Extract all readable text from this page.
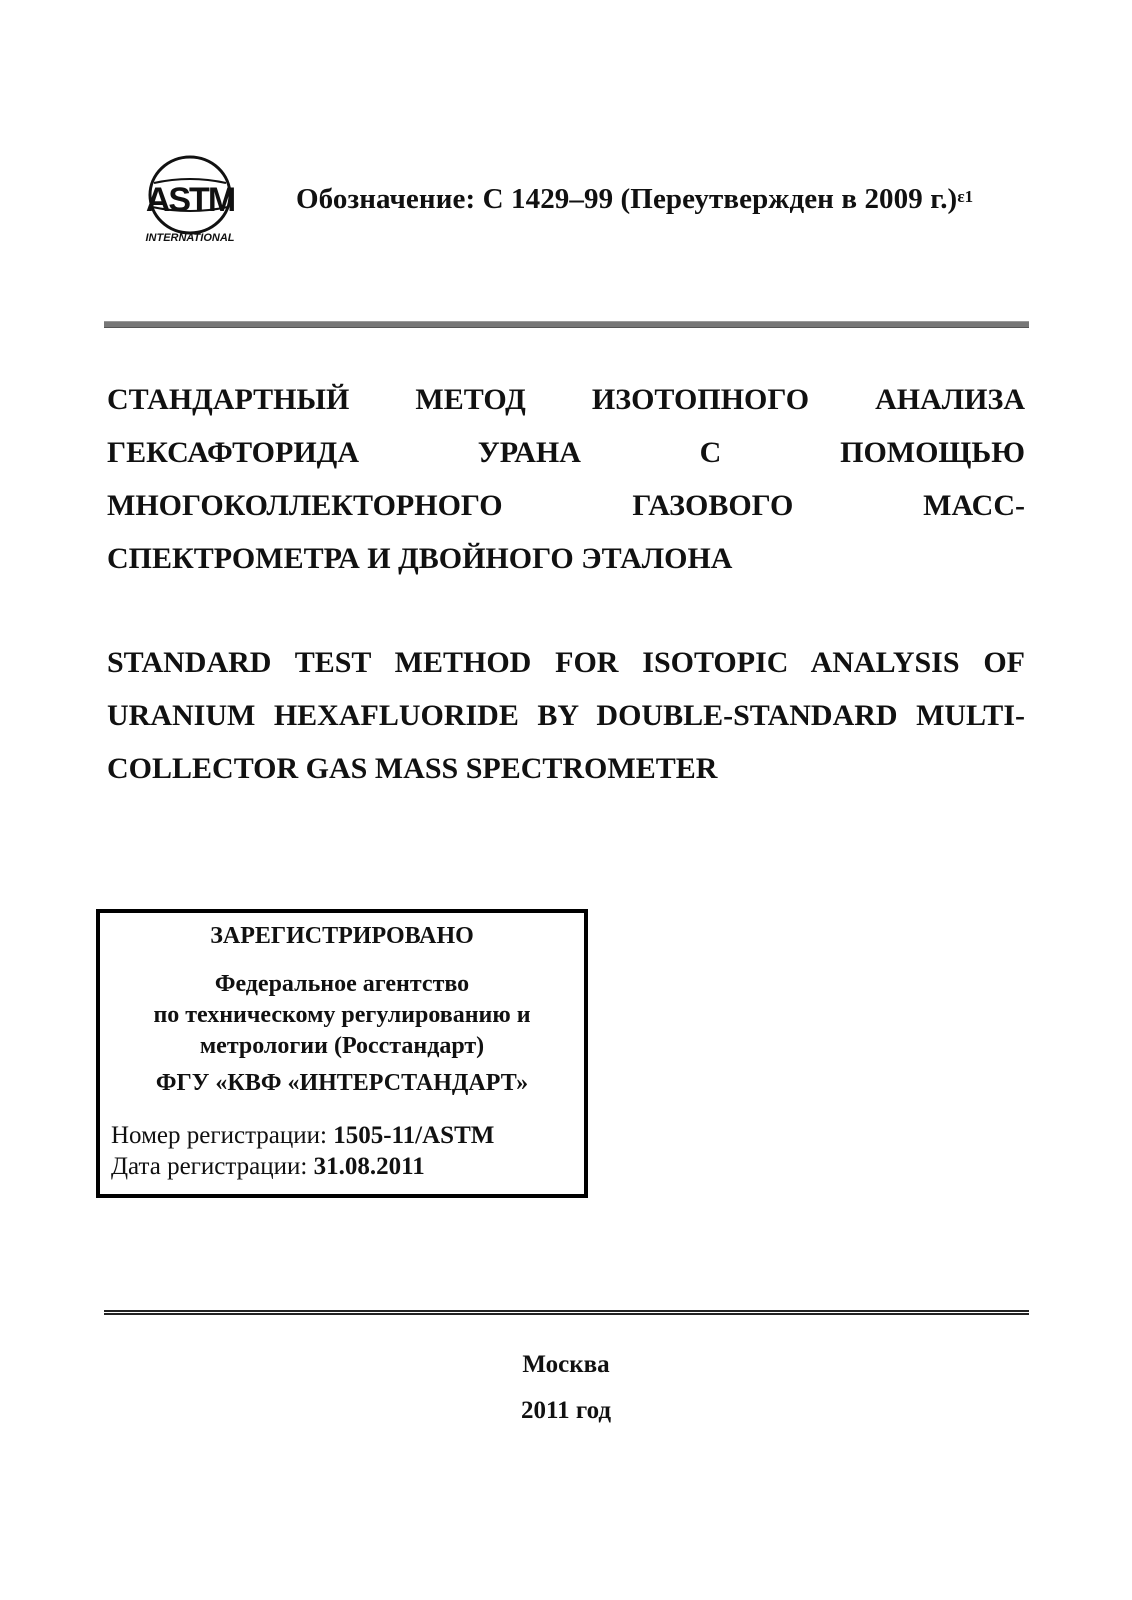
ASTM
INTERNATIONAL
Обозначение: С 1429–99 (Переутвержден в 2009 г.)$^{\varepsilon 1}$
СТАНДАРТНЫЙ МЕТОД ИЗОТОПНОГО АНАЛИЗА ГЕКСАФТОРИДА УРАНА С ПОМОЩЬЮ МНОГОКОЛЛЕКТОРНОГО ГАЗОВОГО МАСС-СПЕКТРОМЕТРА И ДВОЙНОГО ЭТАЛОНА
STANDARD TEST METHOD FOR ISOTOPIC ANALYSIS OF URANIUM HEXAFLUORIDE BY DOUBLE-STANDARD MULTI-COLLECTOR GAS MASS SPECTROMETER
ЗАРЕГИСТРИРОВАНО
Федеральное агентство
по техническому регулированию и
метрологии (Росстандарт)
ФГУ «КВФ «ИНТЕРСТАНДАРТ»
Номер регистрации: 1505-11/ASTM
Дата регистрации: 31.08.2011
Москва
2011 год
